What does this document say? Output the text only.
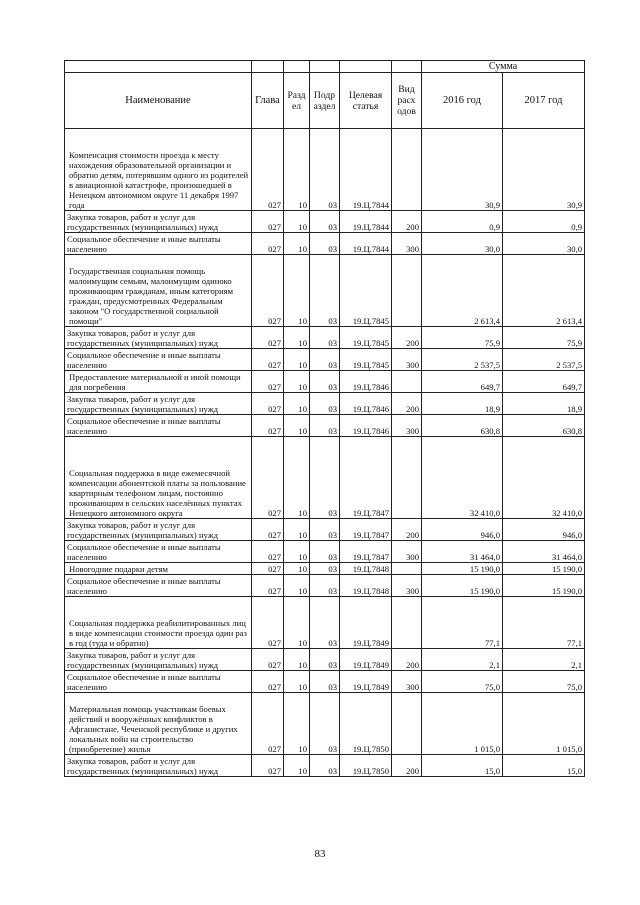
						Сумма	
Наименование	Глава	Разд ел	Подр аздел	Целевая статья	Вид расх одов	2016 год	2017 год
Компенсация стоимости проезда к месту нахождения образовательной организации и обратно детям, потерявшим одного из родителей в авиационной катастрофе, произошедшей в Ненецком автономном округе 11 декабря 1997 года	027	10	03	19.Ц.7844		30,9	30,9
Закупка товаров, работ и услуг для государственных (муниципальных) нужд	027	10	03	19.Ц.7844	200	0,9	0,9
Социальное обеспечение и иные выплаты населению	027	10	03	19.Ц.7844	300	30,0	30,0
Государственная социальная помощь малоимущим семьям, малоимущим одиноко проживающим гражданам, иным категориям граждан, предусмотренных Федеральным законом "О государственной социальной помощи"	027	10	03	19.Ц.7845		2 613,4	2 613,4
Закупка товаров, работ и услуг для государственных (муниципальных) нужд	027	10	03	19.Ц.7845	200	75,9	75,9
Социальное обеспечение и иные выплаты населению	027	10	03	19.Ц.7845	300	2 537,5	2 537,5
Предоставление материальной и иной помощи для погребения	027	10	03	19.Ц.7846		649,7	649,7
Закупка товаров, работ и услуг для государственных (муниципальных) нужд	027	10	03	19.Ц.7846	200	18,9	18,9
Социальное обеспечение и иные выплаты населению	027	10	03	19.Ц.7846	300	630,8	630,8
Социальная поддержка в виде ежемесячной компенсации абонентской платы за пользование квартирным телефоном лицам, постоянно проживающим в сельских населённых пунктах Ненецкого автономного округа	027	10	03	19.Ц.7847		32 410,0	32 410,0
Закупка товаров, работ и услуг для государственных (муниципальных) нужд	027	10	03	19.Ц.7847	200	946,0	946,0
Социальное обеспечение и иные выплаты населению	027	10	03	19.Ц.7847	300	31 464,0	31 464,0
Новогодние подарки детям	027	10	03	19.Ц.7848		15 190,0	15 190,0
Социальное обеспечение и иные выплаты населению	027	10	03	19.Ц.7848	300	15 190,0	15 190,0
Социальная поддержка реабилитированных лиц в виде компенсации стоимости проезда один раз в год (туда и обратно)	027	10	03	19.Ц.7849		77,1	77,1
Закупка товаров, работ и услуг для государственных (муниципальных) нужд	027	10	03	19.Ц.7849	200	2,1	2,1
Социальное обеспечение и иные выплаты населению	027	10	03	19.Ц.7849	300	75,0	75,0
Материальная помощь участникам боевых действий и вооружённых конфликтов в Афганистане, Чеченской республике и других локальных войн на строительство (приобретение) жилья	027	10	03	19.Ц.7850		1 015,0	1 015,0
Закупка товаров, работ и услуг для государственных (муниципальных) нужд	027	10	03	19.Ц.7850	200	15,0	15,0
83
